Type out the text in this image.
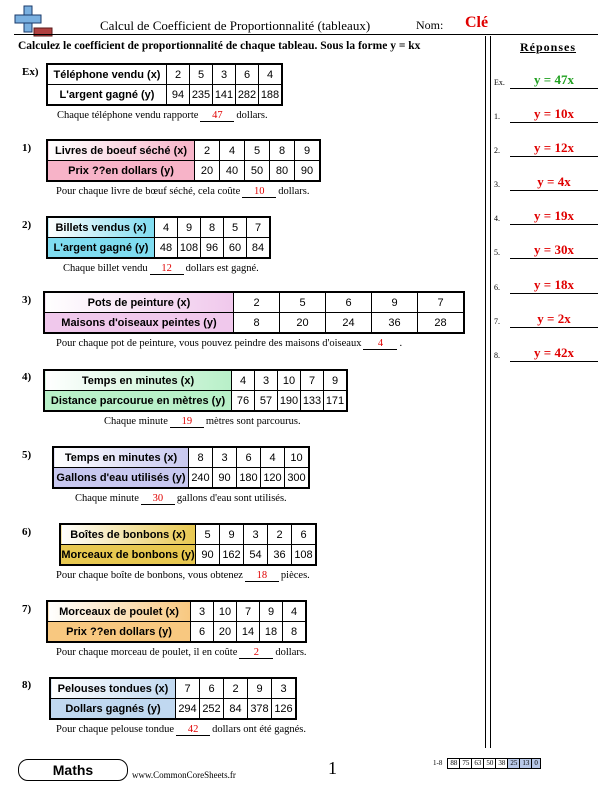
Calcul de Coefficient de Proportionnalité (tableaux)	Nom: Clé
Calculez le coefficient de proportionnalité de chaque tableau. Sous la forme y = kx	Réponses
Ex.	y = 47x
1.	y = 10x
2.	y = 12x
3.	y = 4x
4.	y = 19x
5.	y = 30x
6.	y = 18x
7.	y = 2x
8.	y = 42x
Ex) Téléphone vendu (x)	2	5	3	6	4
L'argent gagné (y)	94	235	141	282	188
Chaque téléphone vendu rapporte 47 dollars.
1) Livres de boeuf séché (x)	2	4	5	8	9
Prix ??en dollars (y)	20	40	50	80	90
Pour chaque livre de bœuf séché, cela coûte 10 dollars.
2) Billets vendus (x)	4	9	8	5	7
L'argent gagné (y)	48	108	96	60	84
Chaque billet vendu 12 dollars est gagné.
3)	Pots de peinture (x)	2	5	6	9	7
Maisons d'oiseaux peintes (y)	8	20	24	36	28
Pour chaque pot de peinture, vous pouvez peindre des maisons d'oiseaux 4 .
4)	Temps en minutes (x)	4	3	10	7	9
Distance parcourue en mètres (y)	76	57	190	133	171
Chaque minute 19 mètres sont parcourus.
5)	Temps en minutes (x)	8	3	6	4	10
Gallons d'eau utilisés (y)	240	90	180	120	300
Chaque minute 30 gallons d'eau sont utilisés.
6)	Boîtes de bonbons (x)	5	9	3	2	6
Morceaux de bonbons (y)	90	162	54	36	108
Pour chaque boîte de bonbons, vous obtenez 18 pièces.
7)	Morceaux de poulet (x)	3	10	7	9	4
Prix ??en dollars (y)	6	20	14	18	8
Pour chaque morceau de poulet, il en coûte 2 dollars.
8) Pelouses tondues (x)	7	6	2	9	3
Dollars gagnés (y)	294	252	84	378	126
Pour chaque pelouse tondue 42 dollars ont été gagnés.
Maths	www.CommonCoreSheets.fr	1	1-8 88 75 63 50 38 25 13 0
